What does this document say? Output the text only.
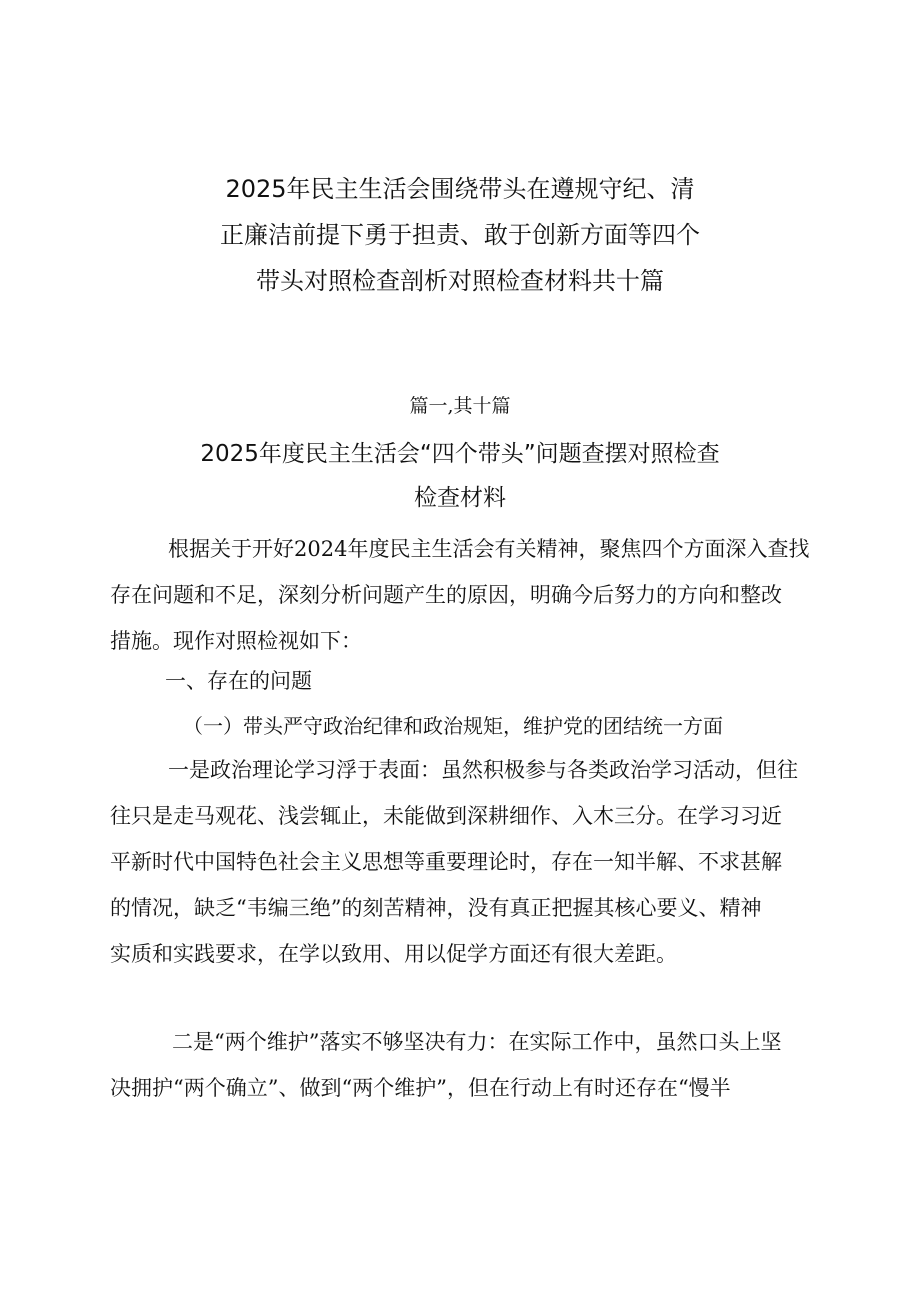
2025年民主生活会围绕带头在遵规守纪、清
正廉洁前提下勇于担责、敢于创新方面等四个
带头对照检查剖析对照检查材料共十篇
篇一,其十篇
2025年度民主生活会“四个带头”问题查摆对照检查
检查材料
根据关于开好2024年度民主生活会有关精神，聚焦四个方面深入查找
存在问题和不足，深刻分析问题产生的原因，明确今后努力的方向和整改
措施。现作对照检视如下：
一、存在的问题
（一）带头严守政治纪律和政治规矩，维护党的团结统一方面
一是政治理论学习浮于表面：虽然积极参与各类政治学习活动，但往
往只是走马观花、浅尝辄止，未能做到深耕细作、入木三分。在学习习近
平新时代中国特色社会主义思想等重要理论时，存在一知半解、不求甚解
的情况，缺乏“韦编三绝”的刻苦精神，没有真正把握其核心要义、精神
实质和实践要求，在学以致用、用以促学方面还有很大差距。
二是“两个维护”落实不够坚决有力：在实际工作中，虽然口头上坚
决拥护“两个确立”、做到“两个维护”，但在行动上有时还存在“慢半
